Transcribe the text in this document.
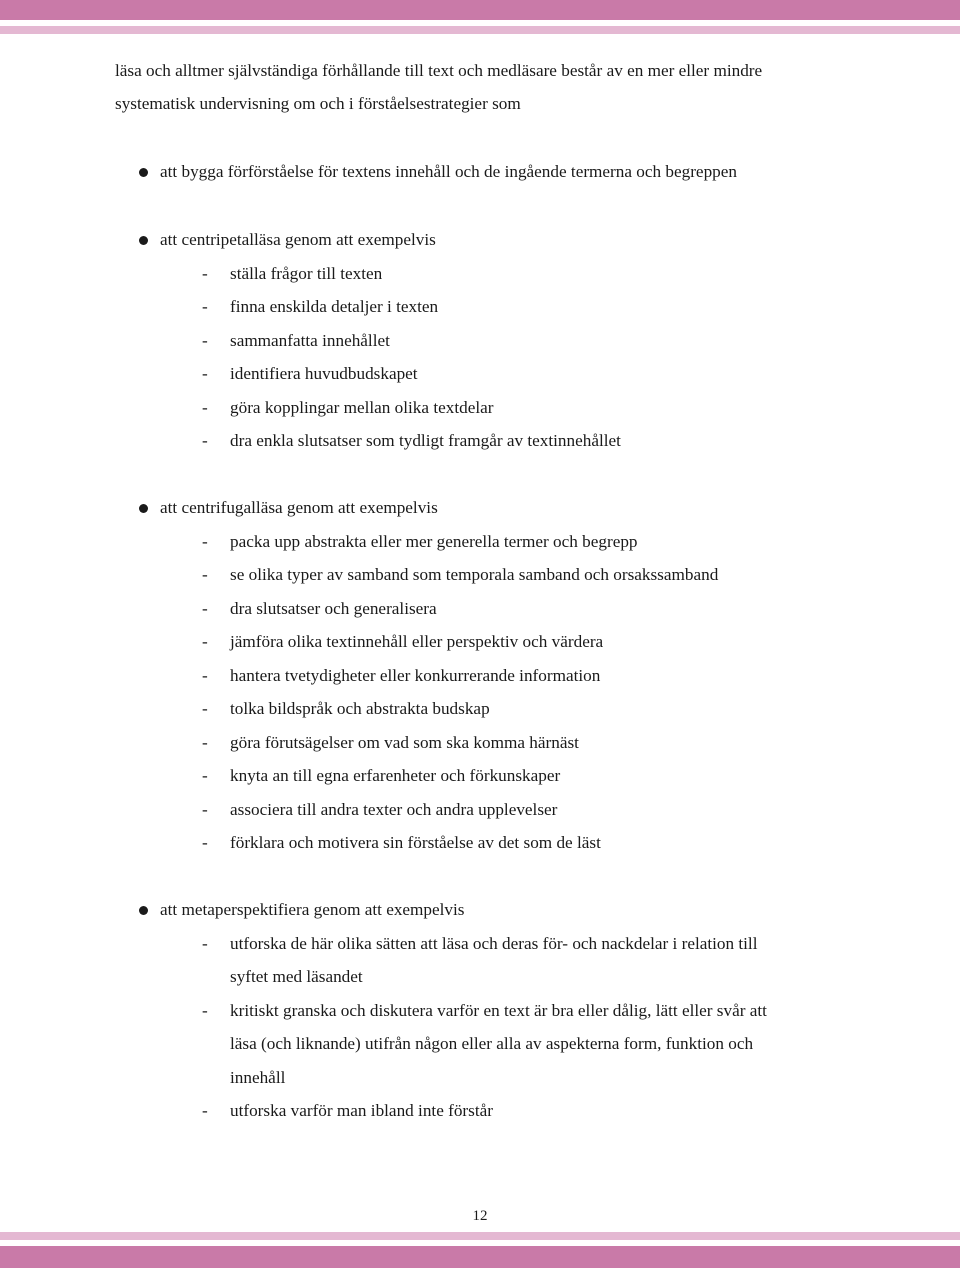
läsa och alltmer självständiga förhållande till text och medläsare består av en mer eller mindre
systematisk undervisning om och i förståelsestrategier som
att bygga förförståelse för textens innehåll och de ingående termerna och begreppen
att centripetalläsa genom att exempelvis
- ställa frågor till texten
- finna enskilda detaljer i texten
- sammanfatta innehållet
- identifiera huvudbudskapet
- göra kopplingar mellan olika textdelar
- dra enkla slutsatser som tydligt framgår av textinnehållet
att centrifugalläsa genom att exempelvis
- packa upp abstrakta eller mer generella termer och begrepp
- se olika typer av samband som temporala samband och orsakssamband
- dra slutsatser och generalisera
- jämföra olika textinnehåll eller perspektiv och värdera
- hantera tvetydigheter eller konkurrerande information
- tolka bildspråk och abstrakta budskap
- göra förutsägelser om vad som ska komma härnäst
- knyta an till egna erfarenheter och förkunskaper
- associera till andra texter och andra upplevelser
- förklara och motivera sin förståelse av det som de läst
att metaperspektifiera genom att exempelvis
- utforska de här olika sätten att läsa och deras för- och nackdelar i relation till
syftet med läsandet
- kritiskt granska och diskutera varför en text är bra eller dålig, lätt eller svår att
läsa (och liknande) utifrån någon eller alla av aspekterna form, funktion och
innehåll
- utforska varför man ibland inte förstår
12
